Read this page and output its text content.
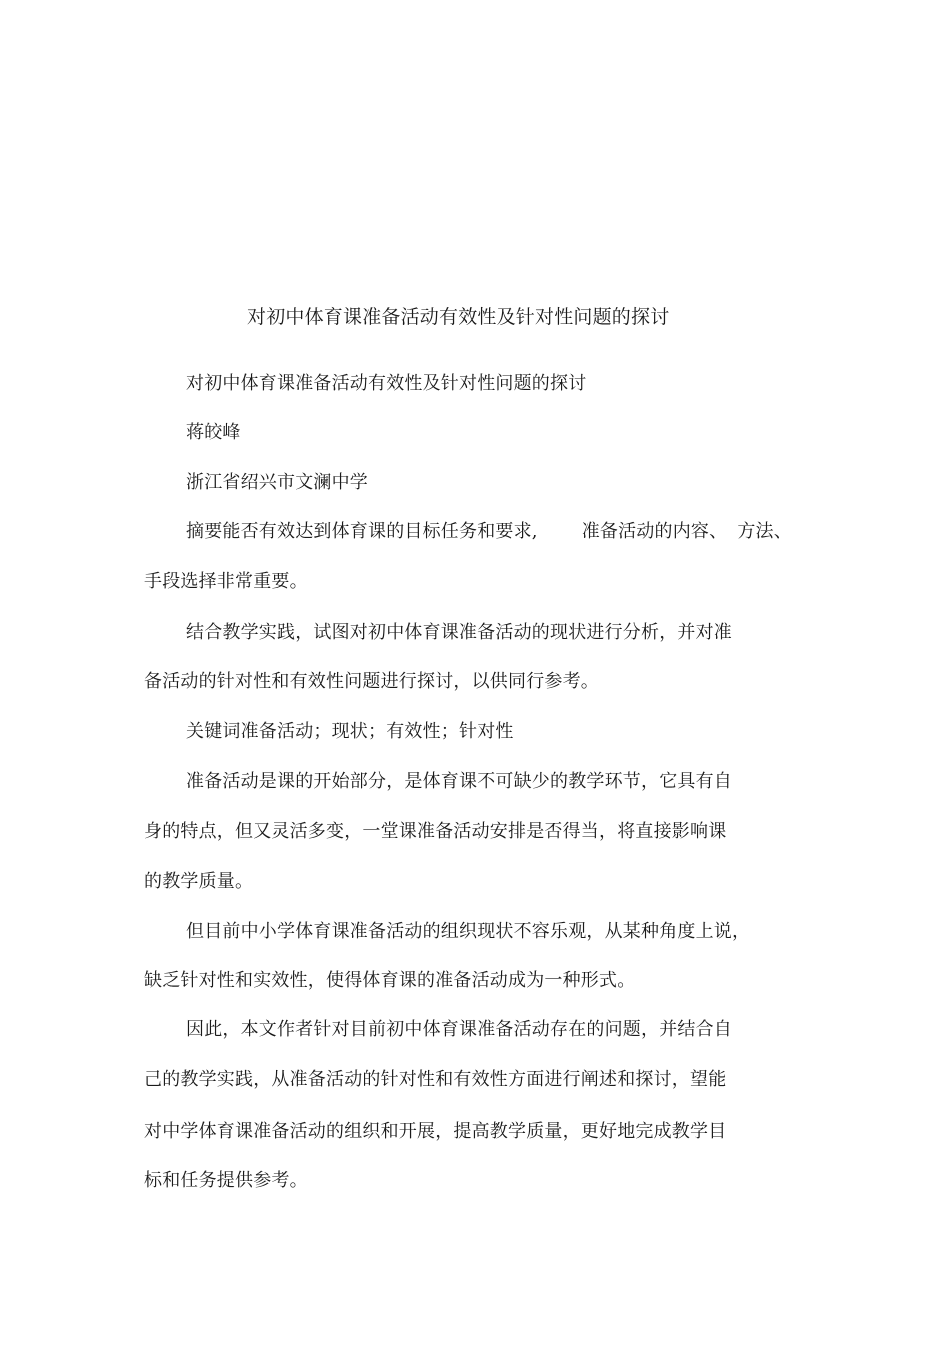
对初中体育课准备活动有效性及针对性问题的探讨
对初中体育课准备活动有效性及针对性问题的探讨
蒋皎峰
浙江省绍兴市文澜中学
摘要能否有效达到体育课的目标任务和要求, 准备活动的内容、 方法、
手段选择非常重要。
结合教学实践，试图对初中体育课准备活动的现状进行分析，并对准
备活动的针对性和有效性问题进行探讨，以供同行参考。
关键词准备活动；现状；有效性；针对性
准备活动是课的开始部分，是体育课不可缺少的教学环节，它具有自
身的特点，但又灵活多变，一堂课准备活动安排是否得当，将直接影响课
的教学质量。
但目前中小学体育课准备活动的组织现状不容乐观，从某种角度上说，
缺乏针对性和实效性，使得体育课的准备活动成为一种形式。
因此，本文作者针对目前初中体育课准备活动存在的问题，并结合自
己的教学实践，从准备活动的针对性和有效性方面进行阐述和探讨，望能
对中学体育课准备活动的组织和开展，提高教学质量，更好地完成教学目
标和任务提供参考。
